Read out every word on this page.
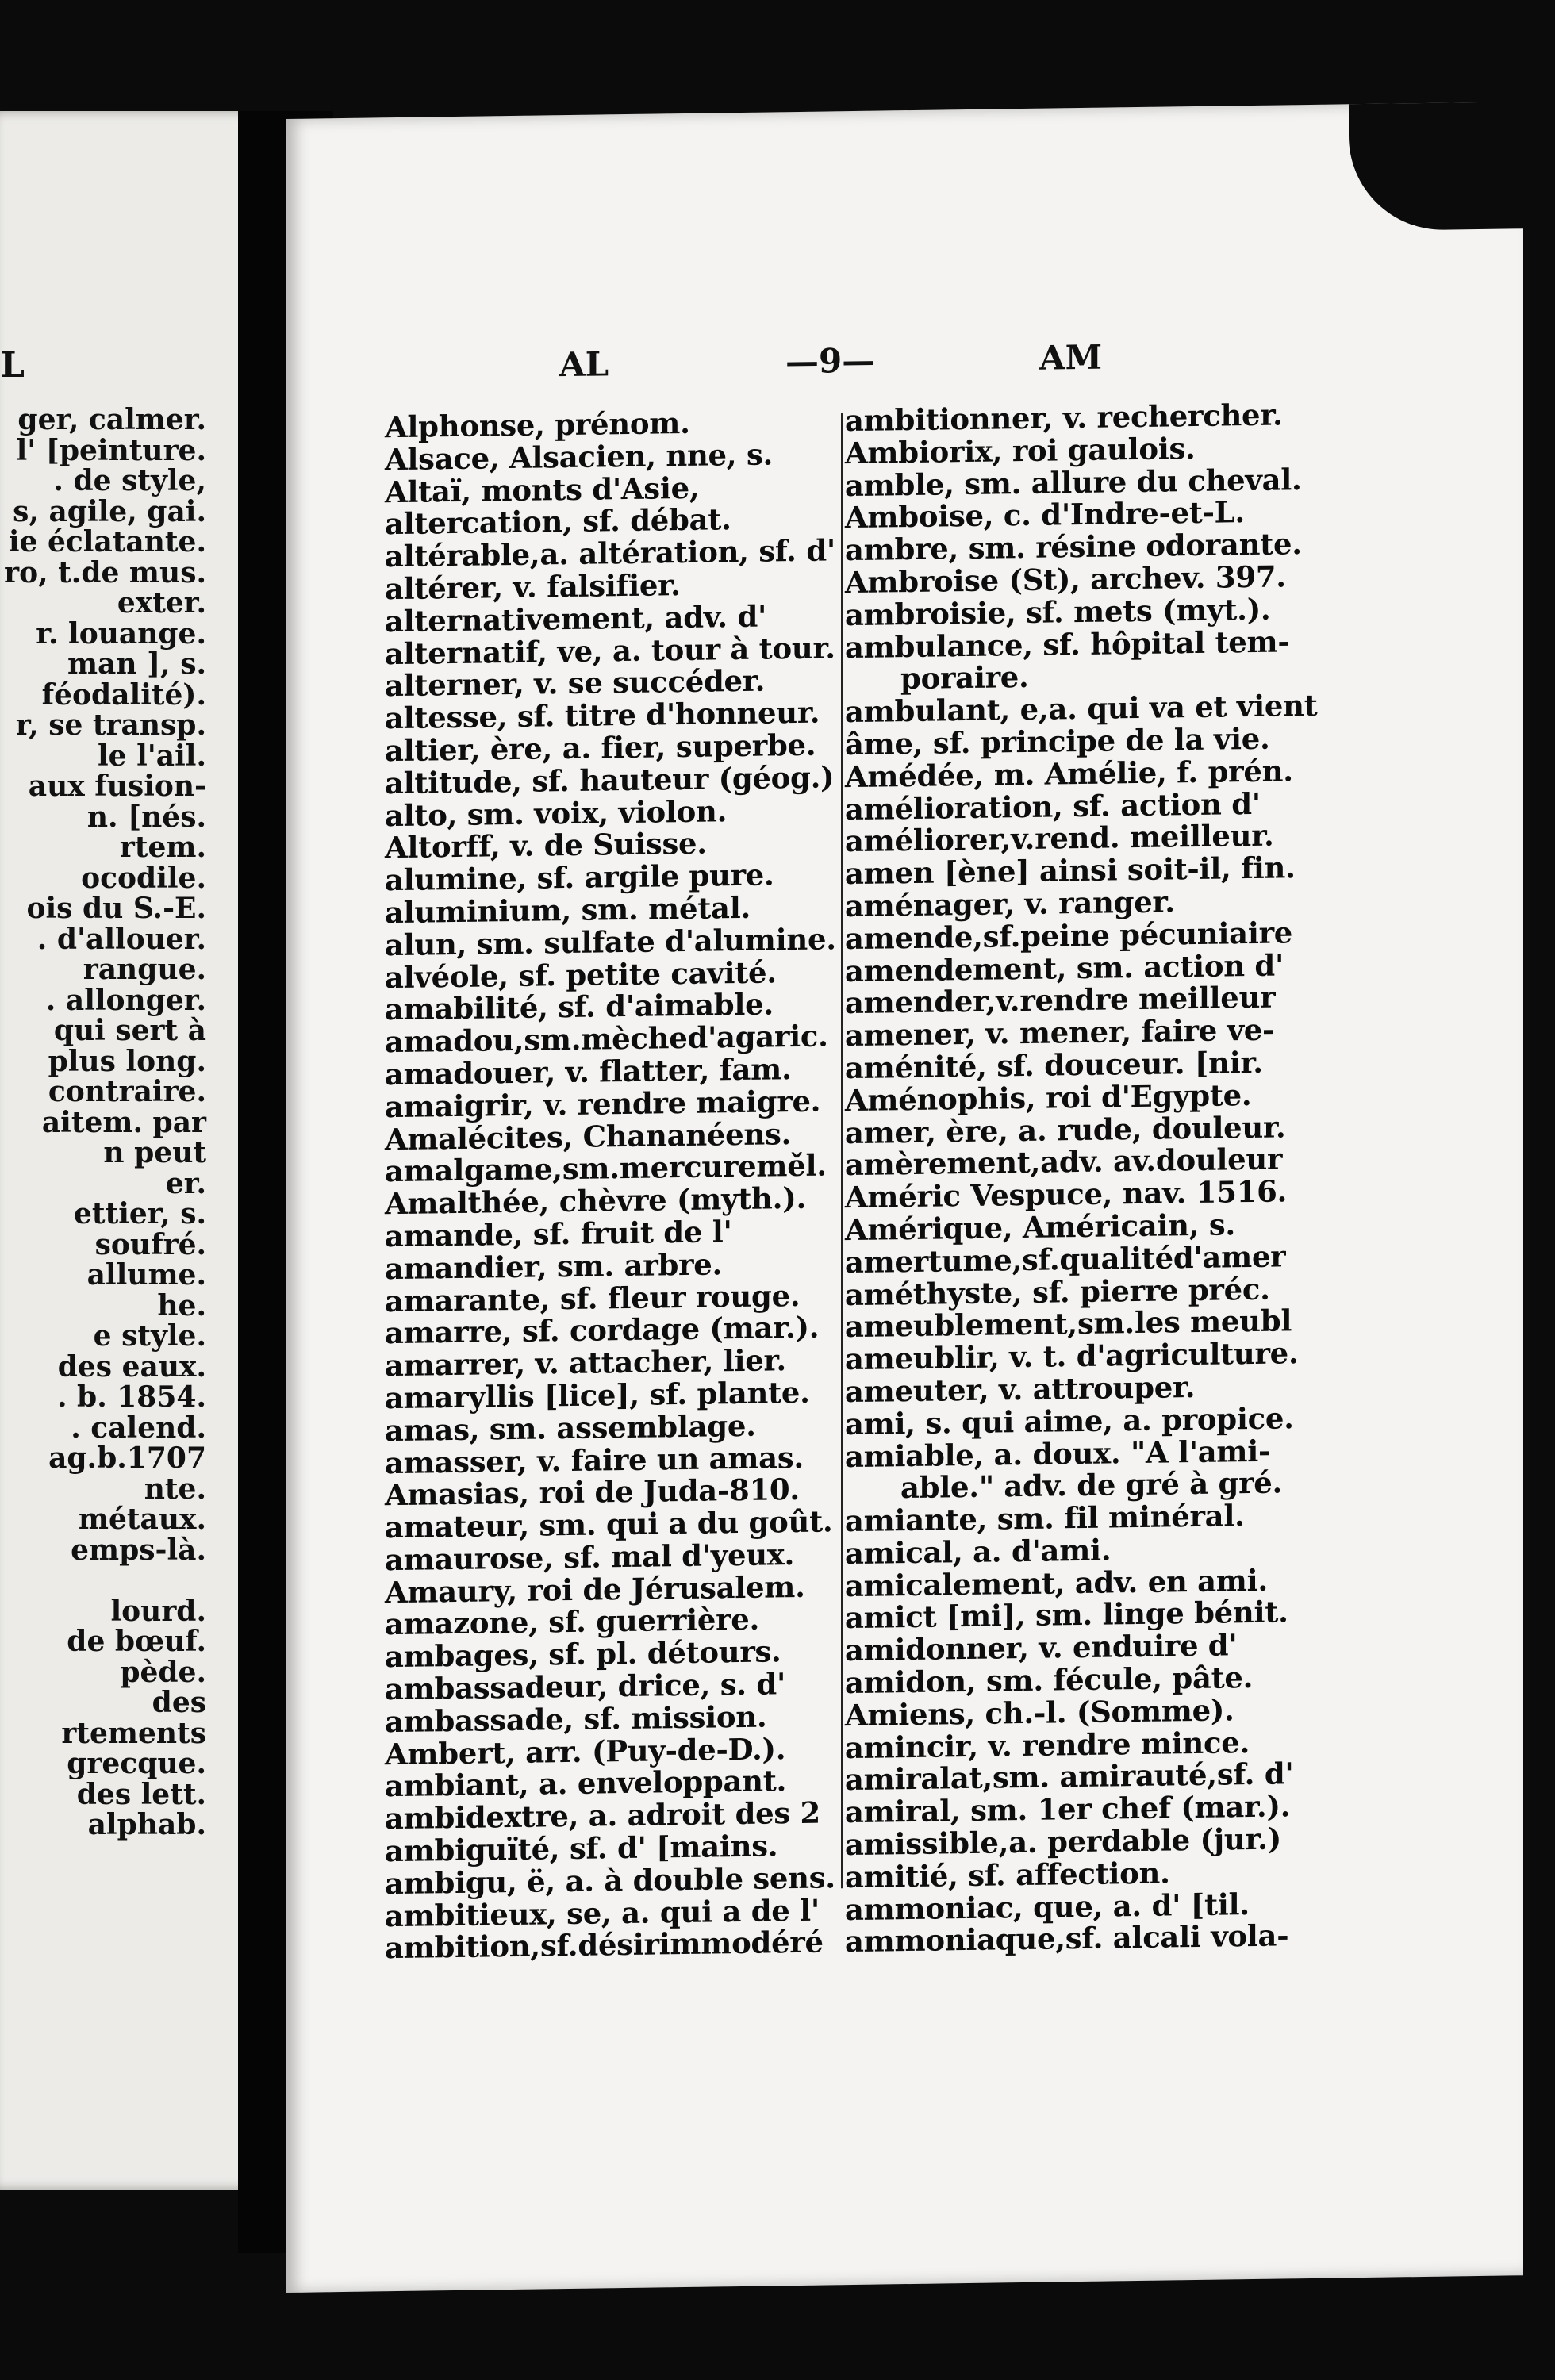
L
ger, calmer.
l' [peinture.
. de style,
s, agile, gai.
ie éclatante.
ro, t.de mus.
exter.
r. louange.
man ], s.
féodalité).
r, se transp.
le l'ail.
aux fusion-
n. [nés.
rtem.
ocodile.
ois du S.-E.
. d'allouer.
rangue.
. allonger.
qui sert à
plus long.
contraire.
aitem. par
n peut
er.
ettier, s.
soufré.
allume.
he.
e style.
des eaux.
. b. 1854.
. calend.
ag.b.1707
nte.
métaux.
emps-là.

lourd.
de bœuf.
pède.
des
rtements
grecque.
des lett.
alphab.
AL	—9—	AM
Alphonse, prénom.
Alsace, Alsacien, nne, s.
Altaï, monts d'Asie,
altercation, sf. débat.
altérable,a. altération, sf. d'
altérer, v. falsifier.
alternativement, adv. d'
alternatif, ve, a. tour à tour.
alterner, v. se succéder.
altesse, sf. titre d'honneur.
altier, ère, a. fier, superbe.
altitude, sf. hauteur (géog.)
alto, sm. voix, violon.
Altorff, v. de Suisse.
alumine, sf. argile pure.
aluminium, sm. métal.
alun, sm. sulfate d'alumine.
alvéole, sf. petite cavité.
amabilité, sf. d'aimable.
amadou,sm.mèched'agaric.
amadouer, v. flatter, fam.
amaigrir, v. rendre maigre.
Amalécites, Chananéens.
amalgame,sm.mercureměl.
Amalthée, chèvre (myth.).
amande, sf. fruit de l'
amandier, sm. arbre.
amarante, sf. fleur rouge.
amarre, sf. cordage (mar.).
amarrer, v. attacher, lier.
amaryllis [lice], sf. plante.
amas, sm. assemblage.
amasser, v. faire un amas.
Amasias, roi de Juda-810.
amateur, sm. qui a du goût.
amaurose, sf. mal d'yeux.
Amaury, roi de Jérusalem.
amazone, sf. guerrière.
ambages, sf. pl. détours.
ambassadeur, drice, s. d'
ambassade, sf. mission.
Ambert, arr. (Puy-de-D.).
ambiant, a. enveloppant.
ambidextre, a. adroit des 2
ambiguïté, sf. d' [mains.
ambigu, ë, a. à double sens.
ambitieux, se, a. qui a de l'
ambition,sf.désirimmodéré
ambitionner, v. rechercher.
Ambiorix, roi gaulois.
amble, sm. allure du cheval.
Amboise, c. d'Indre-et-L.
ambre, sm. résine odorante.
Ambroise (St), archev. 397.
ambroisie, sf. mets (myt.).
ambulance, sf. hôpital tem-
poraire.
ambulant, e,a. qui va et vient
âme, sf. principe de la vie.
Amédée, m. Amélie, f. prén.
amélioration, sf. action d'
améliorer,v.rend. meilleur.
amen [ène] ainsi soit-il, fin.
aménager, v. ranger.
amende,sf.peine pécuniaire
amendement, sm. action d'
amender,v.rendre meilleur
amener, v. mener, faire ve-
aménité, sf. douceur. [nir.
Aménophis, roi d'Egypte.
amer, ère, a. rude, douleur.
amèrement,adv. av.douleur
Améric Vespuce, nav. 1516.
Amérique, Américain, s.
amertume,sf.qualitéd'amer
améthyste, sf. pierre préc.
ameublement,sm.les meubl
ameublir, v. t. d'agriculture.
ameuter, v. attrouper.
ami, s. qui aime, a. propice.
amiable, a. doux. "A l'ami-
able." adv. de gré à gré.
amiante, sm. fil minéral.
amical, a. d'ami.
amicalement, adv. en ami.
amict [mi], sm. linge bénit.
amidonner, v. enduire d'
amidon, sm. fécule, pâte.
Amiens, ch.-l. (Somme).
amincir, v. rendre mince.
amiralat,sm. amirauté,sf. d'
amiral, sm. 1er chef (mar.).
amissible,a. perdable (jur.)
amitié, sf. affection.
ammoniac, que, a. d' [til.
ammoniaque,sf. alcali vola-
